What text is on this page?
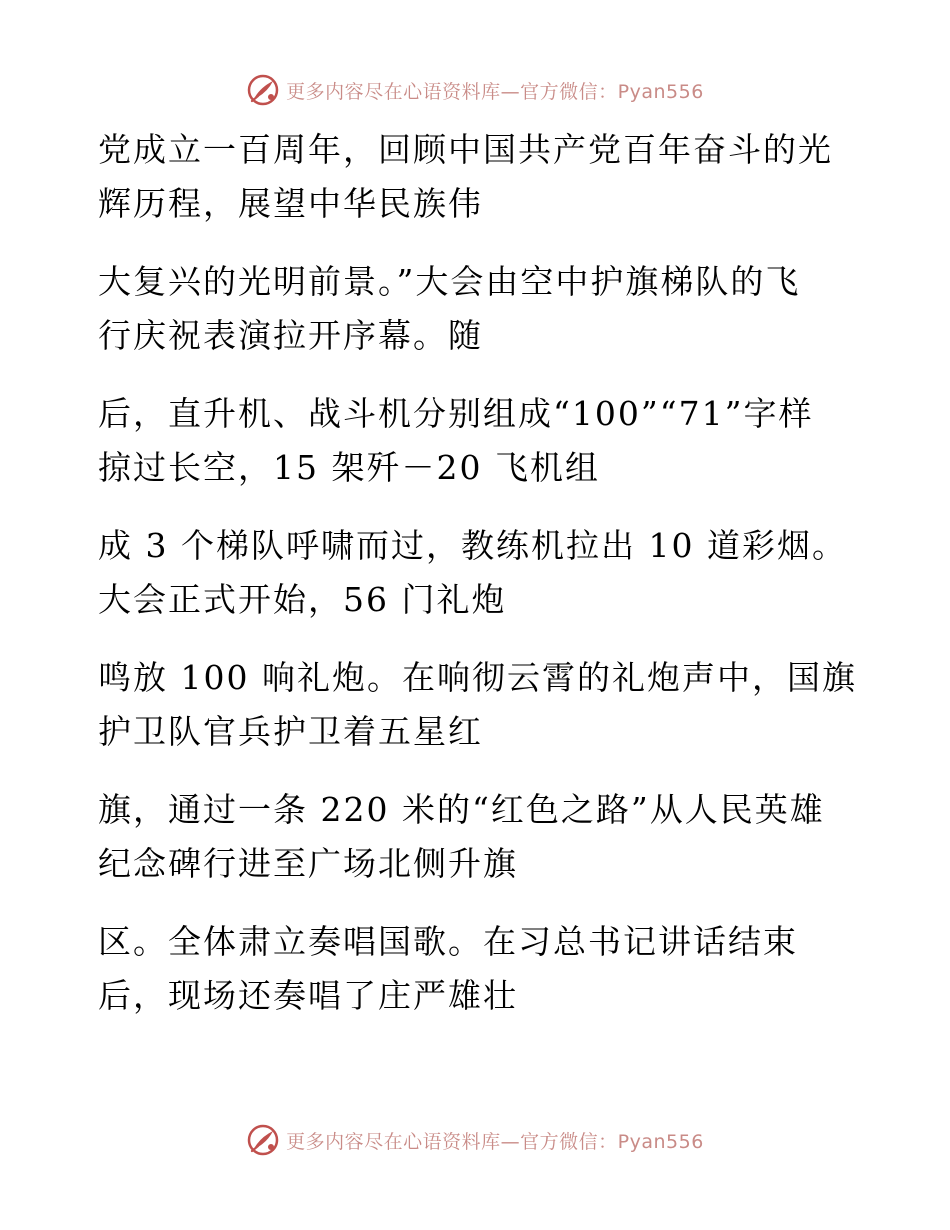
更多内容尽在心语资料库—官方微信：Pyan556
党成立一百周年，回顾中国共产党百年奋斗的光
辉历程，展望中华民族伟
大复兴的光明前景。”大会由空中护旗梯队的飞
行庆祝表演拉开序幕。随
后，直升机、战斗机分别组成“100”“71”字样
掠过长空，15 架歼－20 飞机组
成 3 个梯队呼啸而过，教练机拉出 10 道彩烟。
大会正式开始，56 门礼炮
鸣放 100 响礼炮。在响彻云霄的礼炮声中，国旗
护卫队官兵护卫着五星红
旗，通过一条 220 米的“红色之路”从人民英雄
纪念碑行进至广场北侧升旗
区。全体肃立奏唱国歌。在习总书记讲话结束
后，现场还奏唱了庄严雄壮
更多内容尽在心语资料库—官方微信：Pyan556
